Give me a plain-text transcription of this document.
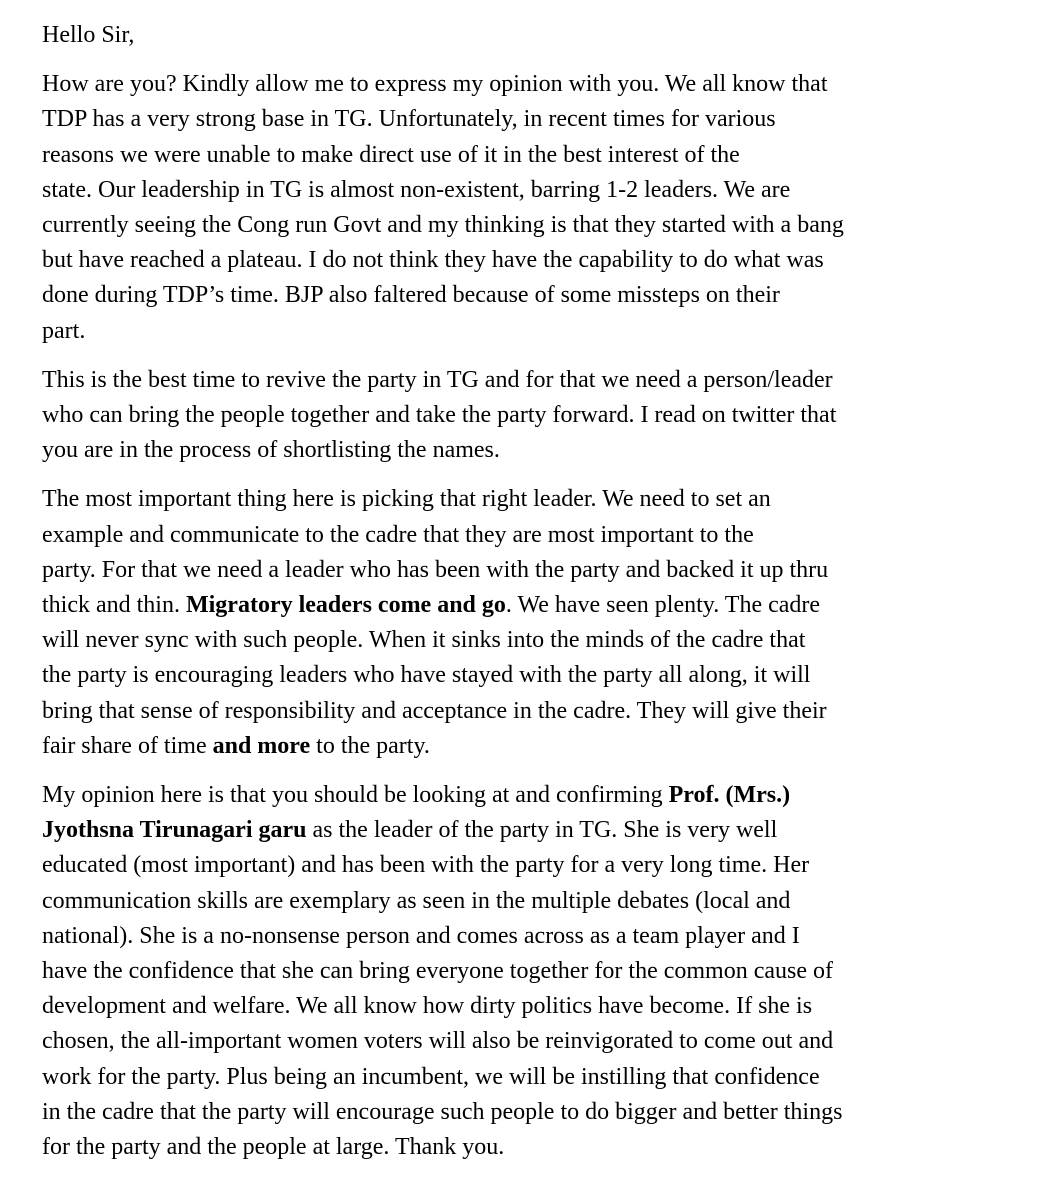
Hello Sir,
How are you? Kindly allow me to express my opinion with you. We all know that
TDP has a very strong base in TG. Unfortunately, in recent times for various
reasons we were unable to make direct use of it in the best interest of the
state. Our leadership in TG is almost non-existent, barring 1-2 leaders. We are
currently seeing the Cong run Govt and my thinking is that they started with a bang
but have reached a plateau. I do not think they have the capability to do what was
done during TDP’s time. BJP also faltered because of some missteps on their
part.
This is the best time to revive the party in TG and for that we need a person/leader
who can bring the people together and take the party forward. I read on twitter that
you are in the process of shortlisting the names.
The most important thing here is picking that right leader. We need to set an
example and communicate to the cadre that they are most important to the
party. For that we need a leader who has been with the party and backed it up thru
thick and thin. Migratory leaders come and go. We have seen plenty. The cadre
will never sync with such people. When it sinks into the minds of the cadre that
the party is encouraging leaders who have stayed with the party all along, it will
bring that sense of responsibility and acceptance in the cadre. They will give their
fair share of time and more to the party.
My opinion here is that you should be looking at and confirming Prof. (Mrs.)
Jyothsna Tirunagari garu as the leader of the party in TG. She is very well
educated (most important) and has been with the party for a very long time. Her
communication skills are exemplary as seen in the multiple debates (local and
national). She is a no-nonsense person and comes across as a team player and I
have the confidence that she can bring everyone together for the common cause of
development and welfare. We all know how dirty politics have become. If she is
chosen, the all-important women voters will also be reinvigorated to come out and
work for the party. Plus being an incumbent, we will be instilling that confidence
in the cadre that the party will encourage such people to do bigger and better things
for the party and the people at large. Thank you.
